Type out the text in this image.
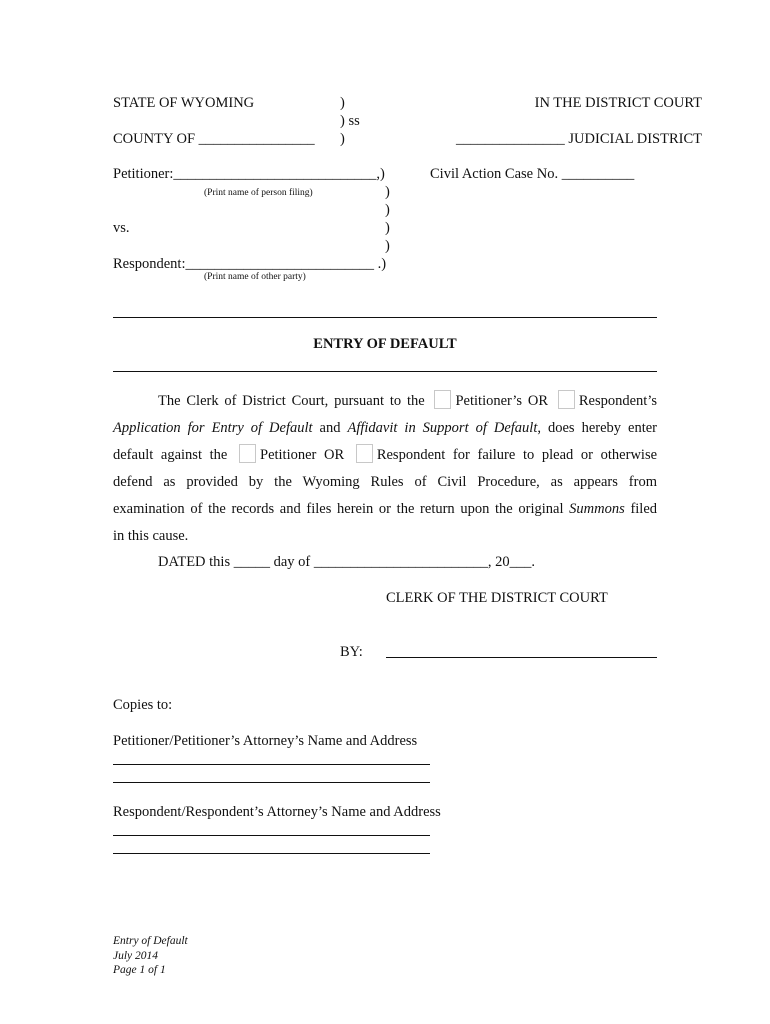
STATE OF WYOMING	)
) ss
COUNTY OF ________________ )
IN THE DISTRICT COURT
_______________ JUDICIAL DISTRICT
Petitioner:____________________________,)
(Print name of person filing)
Civil Action Case No. __________
)
)
vs.	)
)
Respondent:__________________________ .)
(Print name of other party)
ENTRY OF DEFAULT
The Clerk of District Court, pursuant to the Petitioner’s OR Respondent’s
Application for Entry of Default and Affidavit in Support of Default, does hereby enter
default against the Petitioner OR Respondent for failure to plead or otherwise
defend as provided by the Wyoming Rules of Civil Procedure, as appears from
examination of the records and files herein or the return upon the original Summons filed
in this cause.
DATED this _____ day of ________________________, 20___.
CLERK OF THE DISTRICT COURT
BY:
Copies to:
Petitioner/Petitioner’s Attorney’s Name and Address
Respondent/Respondent’s Attorney’s Name and Address
Entry of Default
July 2014
Page 1 of 1
